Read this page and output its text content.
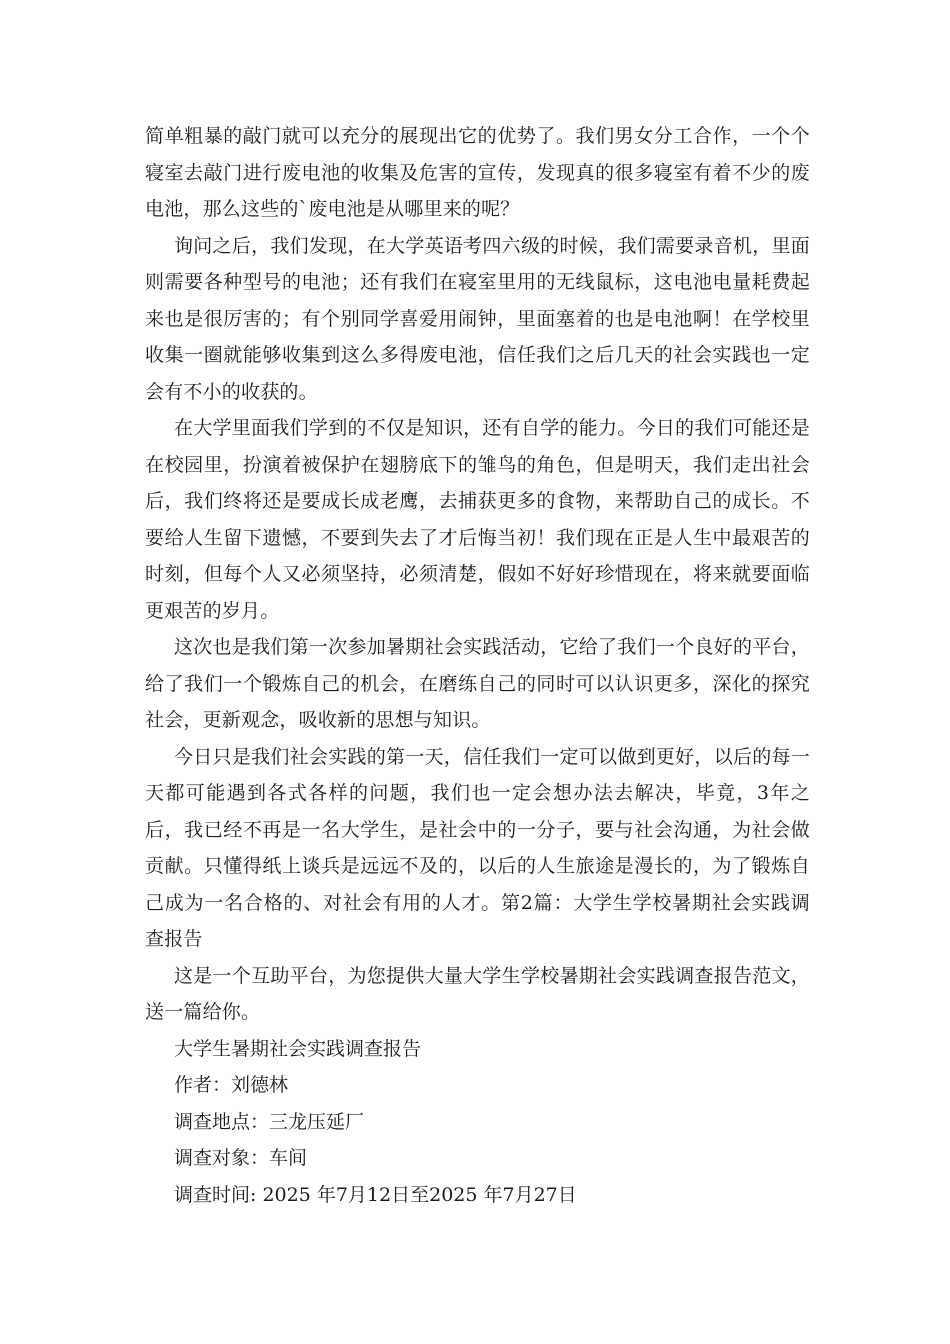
简单粗暴的敲门就可以充分的展现出它的优势了。我们男女分工合作，一个个寝室去敲门进行废电池的收集及危害的宣传，发现真的很多寝室有着不少的废电池，那么这些的`废电池是从哪里来的呢？

询问之后，我们发现，在大学英语考四六级的时候，我们需要录音机，里面则需要各种型号的电池；还有我们在寝室里用的无线鼠标，这电池电量耗费起来也是很厉害的；有个别同学喜爱用闹钟，里面塞着的也是电池啊！在学校里收集一圈就能够收集到这么多得废电池，信任我们之后几天的社会实践也一定会有不小的收获的。

在大学里面我们学到的不仅是知识，还有自学的能力。今日的我们可能还是在校园里，扮演着被保护在翅膀底下的雏鸟的角色，但是明天，我们走出社会后，我们终将还是要成长成老鹰，去捕获更多的食物，来帮助自己的成长。不要给人生留下遗憾，不要到失去了才后悔当初！我们现在正是人生中最艰苦的时刻，但每个人又必须坚持，必须清楚，假如不好好珍惜现在，将来就要面临更艰苦的岁月。

这次也是我们第一次参加暑期社会实践活动，它给了我们一个良好的平台，给了我们一个锻炼自己的机会，在磨练自己的同时可以认识更多，深化的探究社会，更新观念，吸收新的思想与知识。

今日只是我们社会实践的第一天，信任我们一定可以做到更好，以后的每一天都可能遇到各式各样的问题，我们也一定会想办法去解决，毕竟，3年之后，我已经不再是一名大学生，是社会中的一分子，要与社会沟通，为社会做贡献。只懂得纸上谈兵是远远不及的，以后的人生旅途是漫长的，为了锻炼自己成为一名合格的、对社会有用的人才。第2篇：大学生学校暑期社会实践调查报告

这是一个互助平台，为您提供大量大学生学校暑期社会实践调查报告范文，送一篇给你。

大学生暑期社会实践调查报告

作者：刘德林

调查地点：三龙压延厂

调查对象：车间

调查时间: 2025 年7月12日至2025 年7月27日
